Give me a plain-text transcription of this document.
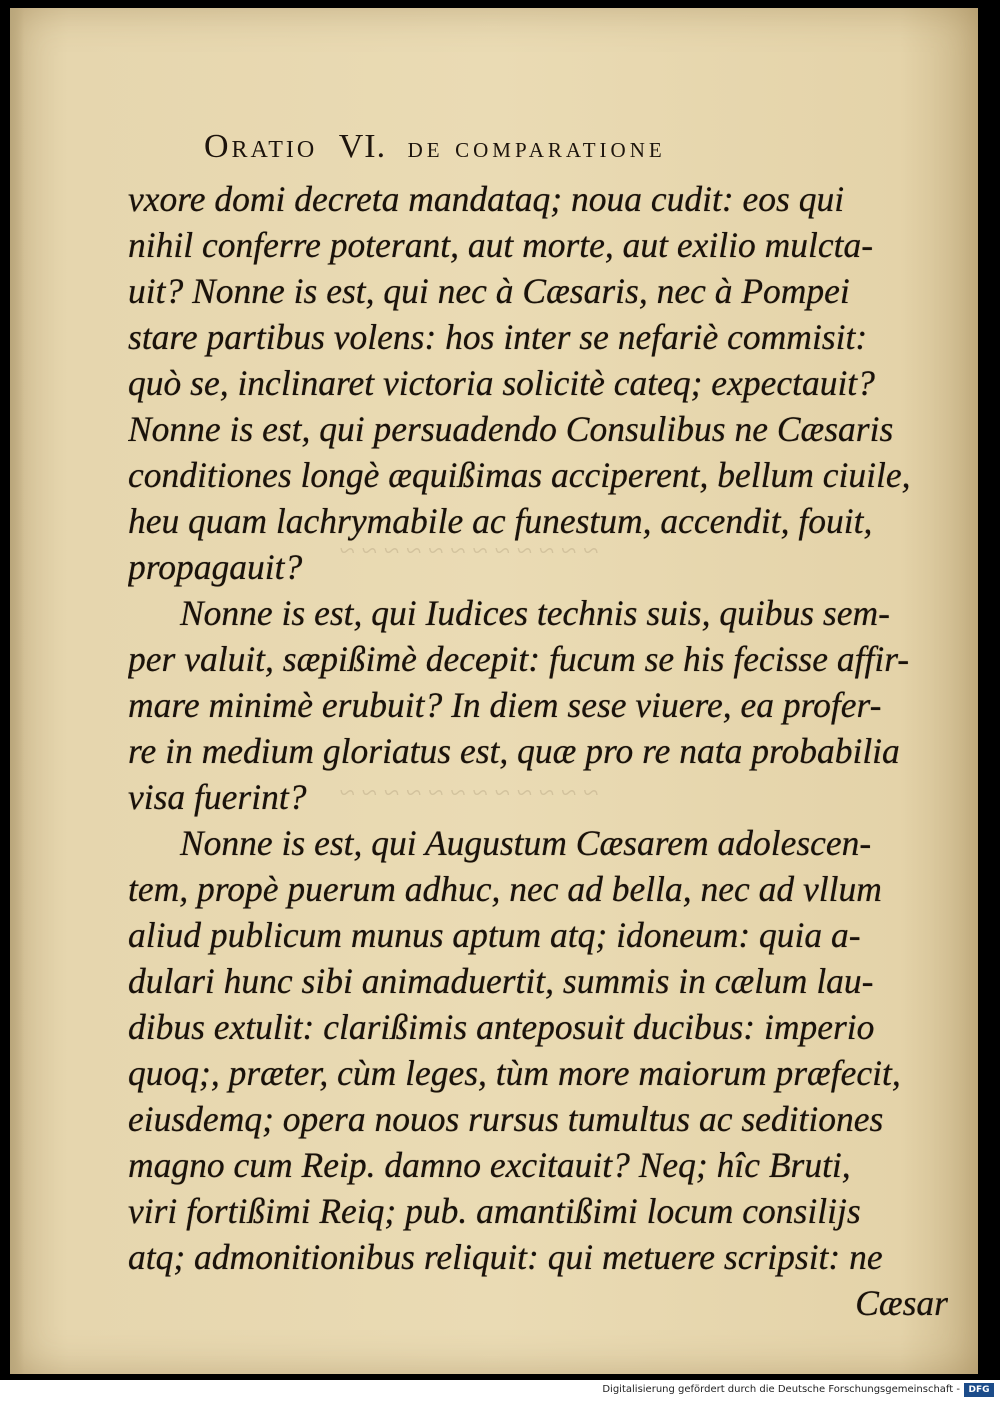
~ ~ ~ ~ ~ ~ ~ ~ ~ ~ ~ ~
~ ~ ~ ~ ~ ~ ~ ~ ~ ~ ~ ~
Oratio VI. de comparatione
vxore domi decreta mandataq; noua cudit: eos qui
nihil conferre poterant, aut morte, aut exilio mulcta-
uit? Nonne is est, qui nec à Cæsaris, nec à Pompei
stare partibus volens: hos inter se nefariè commisit:
quò se, inclinaret victoria solicitè cateq; expectauit?
Nonne is est, qui persuadendo Consulibus ne Cæsaris
conditiones longè æquißimas acciperent, bellum ciuile,
heu quam lachrymabile ac funestum, accendit, fouit,
propagauit?
Nonne is est, qui Iudices technis suis, quibus sem-
per valuit, sæpißimè decepit: fucum se his fecisse affir-
mare minimè erubuit? In diem sese viuere, ea profer-
re in medium gloriatus est, quæ pro re nata probabilia
visa fuerint?
Nonne is est, qui Augustum Cæsarem adolescen-
tem, propè puerum adhuc, nec ad bella, nec ad vllum
aliud publicum munus aptum atq; idoneum: quia a-
dulari hunc sibi animaduertit, summis in cælum lau-
dibus extulit: clarißimis anteposuit ducibus: imperio
quoq;, præter, cùm leges, tùm more maiorum præfecit,
eiusdemq; opera nouos rursus tumultus ac seditiones
magno cum Reip. damno excitauit? Neq; hîc Bruti,
viri fortißimi Reiq; pub. amantißimi locum consilijs
atq; admonitionibus reliquit: qui metuere scripsit: ne
Cæsar
Digitalisierung gefördert durch die Deutsche Forschungsgemeinschaft - DFG
